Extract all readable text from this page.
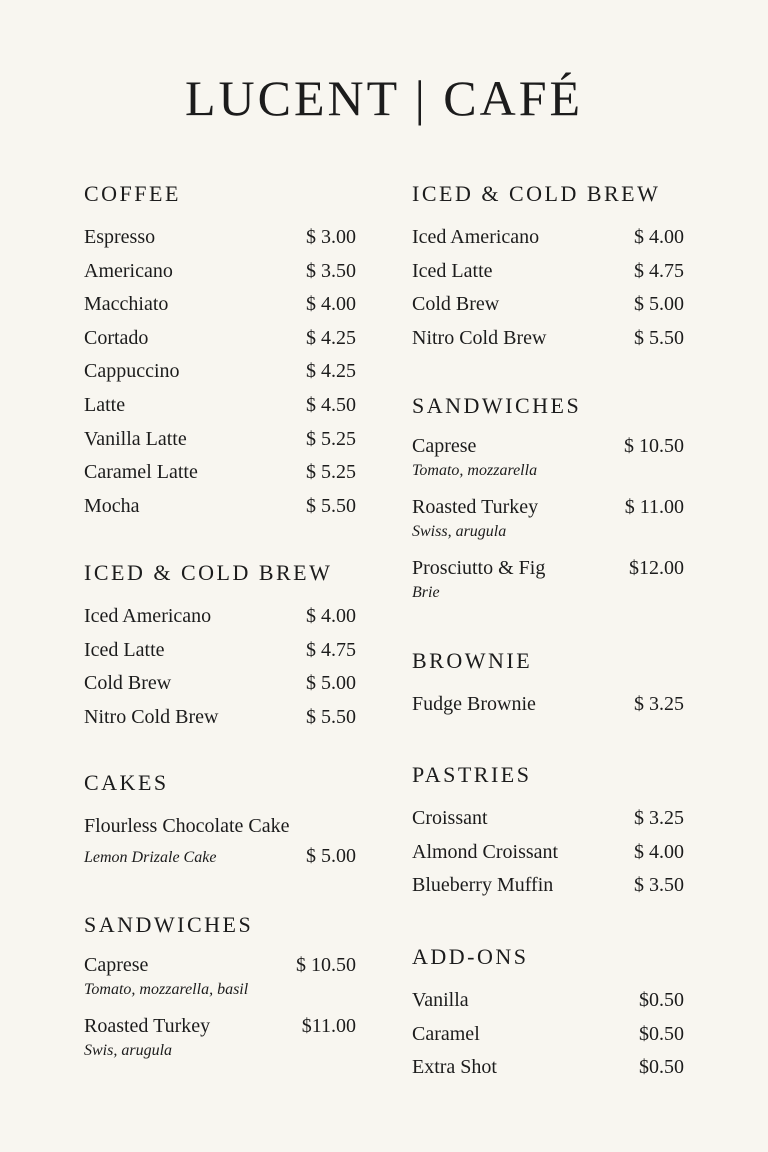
LUCENT | CAFÉ
COFFEE
Espresso	$ 3.00
Americano	$ 3.50
Macchiato	$ 4.00
Cortado	$ 4.25
Cappuccino	$ 4.25
Latte	$ 4.50
Vanilla Latte	$ 5.25
Caramel Latte	$ 5.25
Mocha	$ 5.50
ICED & COLD BREW
Iced Americano	$ 4.00
Iced Latte	$ 4.75
Cold Brew	$ 5.00
Nitro Cold Brew	$ 5.50
CAKES
Flourless Chocolate Cake
Lemon Drizale Cake	$ 5.00
SANDWICHES
Caprese	$ 10.50
Tomato, mozzarella, basil
Roasted Turkey	$11.00
Swis, arugula
ICED & COLD BREW
Iced Americano	$ 4.00
Iced Latte	$ 4.75
Cold Brew	$ 5.00
Nitro Cold Brew	$ 5.50
SANDWICHES
Caprese	$ 10.50
Tomato, mozzarella
Roasted Turkey	$ 11.00
Swiss, arugula
Prosciutto & Fig	$12.00
Brie
BROWNIE
Fudge Brownie	$ 3.25
PASTRIES
Croissant	$ 3.25
Almond Croissant	$ 4.00
Blueberry Muffin	$ 3.50
ADD-ONS
Vanilla	$0.50
Caramel	$0.50
Extra Shot	$0.50
